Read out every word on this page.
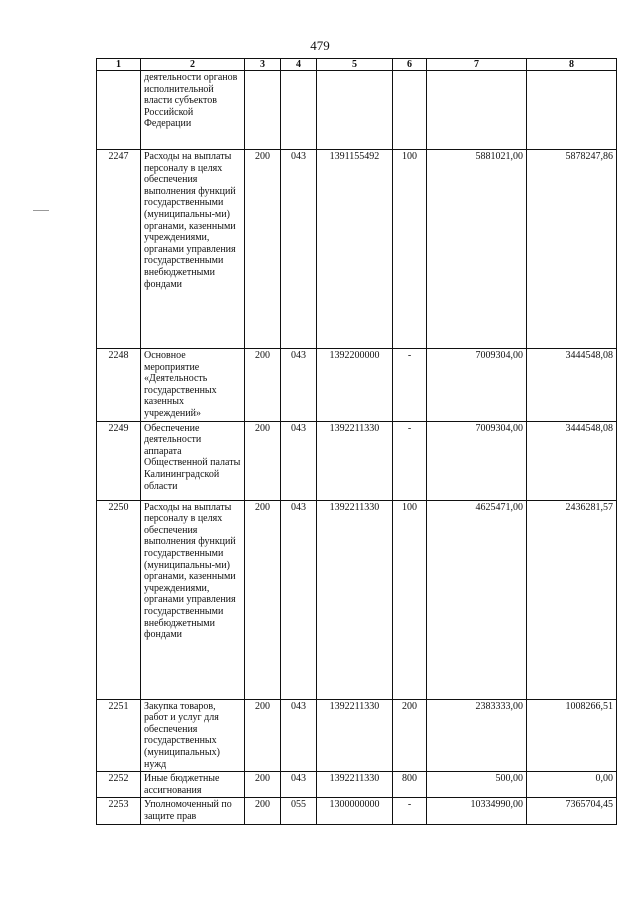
479
1	2	3	4	5	6	7	8
	деятельности органов исполнительной власти субъектов Российской Федерации						
2247	Расходы на выплаты персоналу в целях обеспечения выполнения функций государственными (муниципальны-ми) органами, казенными учреждениями, органами управления государственными внебюджетными фондами	200	043	1391155492	100	5881021,00	5878247,86
2248	Основное мероприятие «Деятельность государственных казенных учреждений»	200	043	1392200000	-	7009304,00	3444548,08
2249	Обеспечение деятельности аппарата Общественной палаты Калининградской области	200	043	1392211330	-	7009304,00	3444548,08
2250	Расходы на выплаты персоналу в целях обеспечения выполнения функций государственными (муниципальны-ми) органами, казенными учреждениями, органами управления государственными внебюджетными фондами	200	043	1392211330	100	4625471,00	2436281,57
2251	Закупка товаров, работ и услуг для обеспечения государственных (муниципальных) нужд	200	043	1392211330	200	2383333,00	1008266,51
2252	Иные бюджетные ассигнования	200	043	1392211330	800	500,00	0,00
2253	Уполномоченный по защите прав	200	055	1300000000	-	10334990,00	7365704,45
